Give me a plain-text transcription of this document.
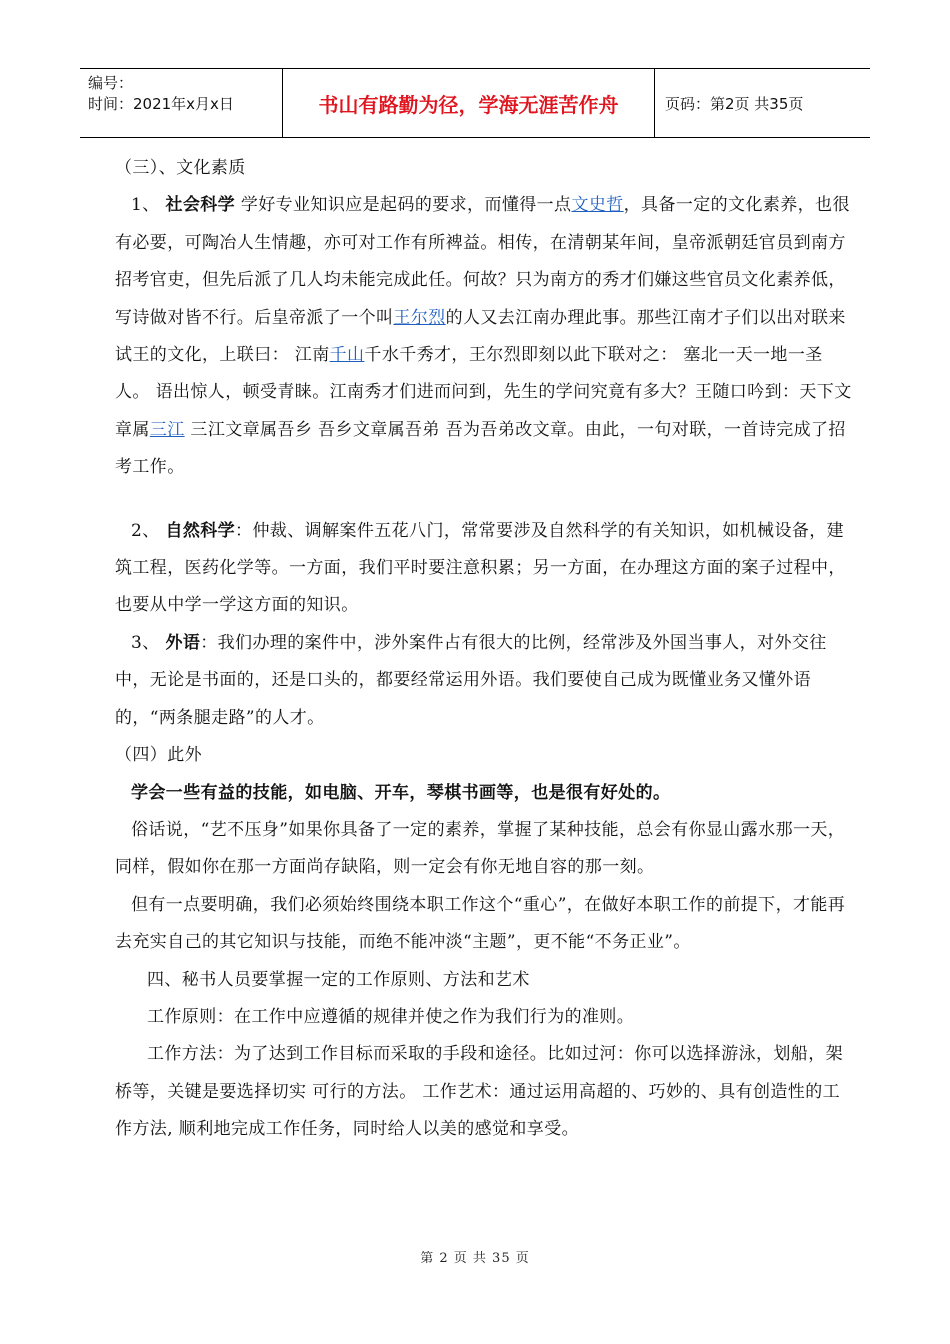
编号：
时间：2021年x月x日	书山有路勤为径，学海无涯苦作舟	页码：第2页 共35页

（三）、文化素质

1、 社会科学 学好专业知识应是起码的要求，而懂得一点文史哲，具备一定的文化素养，也很有必要，可陶冶人生情趣，亦可对工作有所裨益。相传，在清朝某年间，皇帝派朝廷官员到南方招考官吏，但先后派了几人均未能完成此任。何故？只为南方的秀才们嫌这些官员文化素养低，写诗做对皆不行。后皇帝派了一个叫王尔烈的人又去江南办理此事。那些江南才子们以出对联来试王的文化，上联曰： 江南千山千水千秀才，王尔烈即刻以此下联对之： 塞北一天一地一圣人。 语出惊人，顿受青睐。江南秀才们进而问到，先生的学问究竟有多大？王随口吟到：天下文章属三江 三江文章属吾乡 吾乡文章属吾弟 吾为吾弟改文章。由此，一句对联，一首诗完成了招考工作。

2、 自然科学：仲裁、调解案件五花八门，常常要涉及自然科学的有关知识，如机械设备，建筑工程，医药化学等。一方面，我们平时要注意积累；另一方面，在办理这方面的案子过程中，也要从中学一学这方面的知识。

3、 外语：我们办理的案件中，涉外案件占有很大的比例，经常涉及外国当事人，对外交往中，无论是书面的，还是口头的，都要经常运用外语。我们要使自己成为既懂业务又懂外语的，“两条腿走路”的人才。

（四）此外

学会一些有益的技能，如电脑、开车，琴棋书画等，也是很有好处的。

俗话说，“艺不压身”如果你具备了一定的素养，掌握了某种技能，总会有你显山露水那一天，同样，假如你在那一方面尚存缺陷，则一定会有你无地自容的那一刻。

但有一点要明确，我们必须始终围绕本职工作这个“重心”，在做好本职工作的前提下，才能再去充实自己的其它知识与技能，而绝不能冲淡“主题”，更不能“不务正业”。

四、秘书人员要掌握一定的工作原则、方法和艺术

工作原则：在工作中应遵循的规律并使之作为我们行为的准则。

工作方法：为了达到工作目标而采取的手段和途径。比如过河：你可以选择游泳，划船，架桥等，关键是要选择切实 可行的方法。 工作艺术：通过运用高超的、巧妙的、具有创造性的工作方法, 顺利地完成工作任务，同时给人以美的感觉和享受。

第 2 页 共 35 页
